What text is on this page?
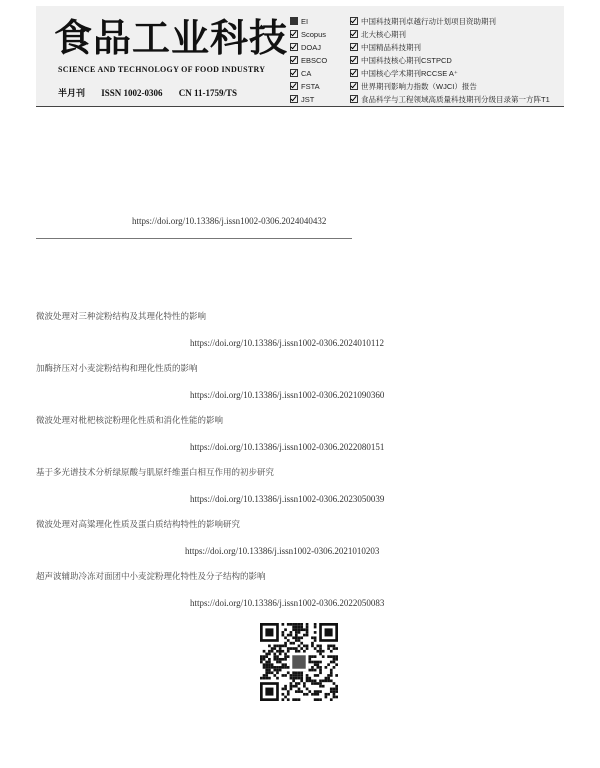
食品工业科技
SCIENCE AND TECHNOLOGY OF FOOD INDUSTRY
半月刊 ISSN 1002-0306 CN 11-1759/TS
EI
Scopus
DOAJ
EBSCO
CA
FSTA
JST
中国科技期刊卓越行动计划项目资助期刊
北大核心期刊
中国精品科技期刊
中国科技核心期刊CSTPCD
中国核心学术期刊RCCSE A⁺
世界期刊影响力指数（WJCI）报告
食品科学与工程领域高质量科技期刊分级目录第一方阵T1
https://doi.org/10.13386/j.issn1002-0306.2024040432
微波处理对三种淀粉结构及其理化特性的影响
https://doi.org/10.13386/j.issn1002-0306.2024010112
加酶挤压对小麦淀粉结构和理化性质的影响
https://doi.org/10.13386/j.issn1002-0306.2021090360
微波处理对枇杷核淀粉理化性质和消化性能的影响
https://doi.org/10.13386/j.issn1002-0306.2022080151
基于多光谱技术分析绿原酸与肌原纤维蛋白相互作用的初步研究
https://doi.org/10.13386/j.issn1002-0306.2023050039
微波处理对高粱理化性质及蛋白质结构特性的影响研究
https://doi.org/10.13386/j.issn1002-0306.2021010203
超声波辅助冷冻对面团中小麦淀粉理化特性及分子结构的影响
https://doi.org/10.13386/j.issn1002-0306.2022050083
